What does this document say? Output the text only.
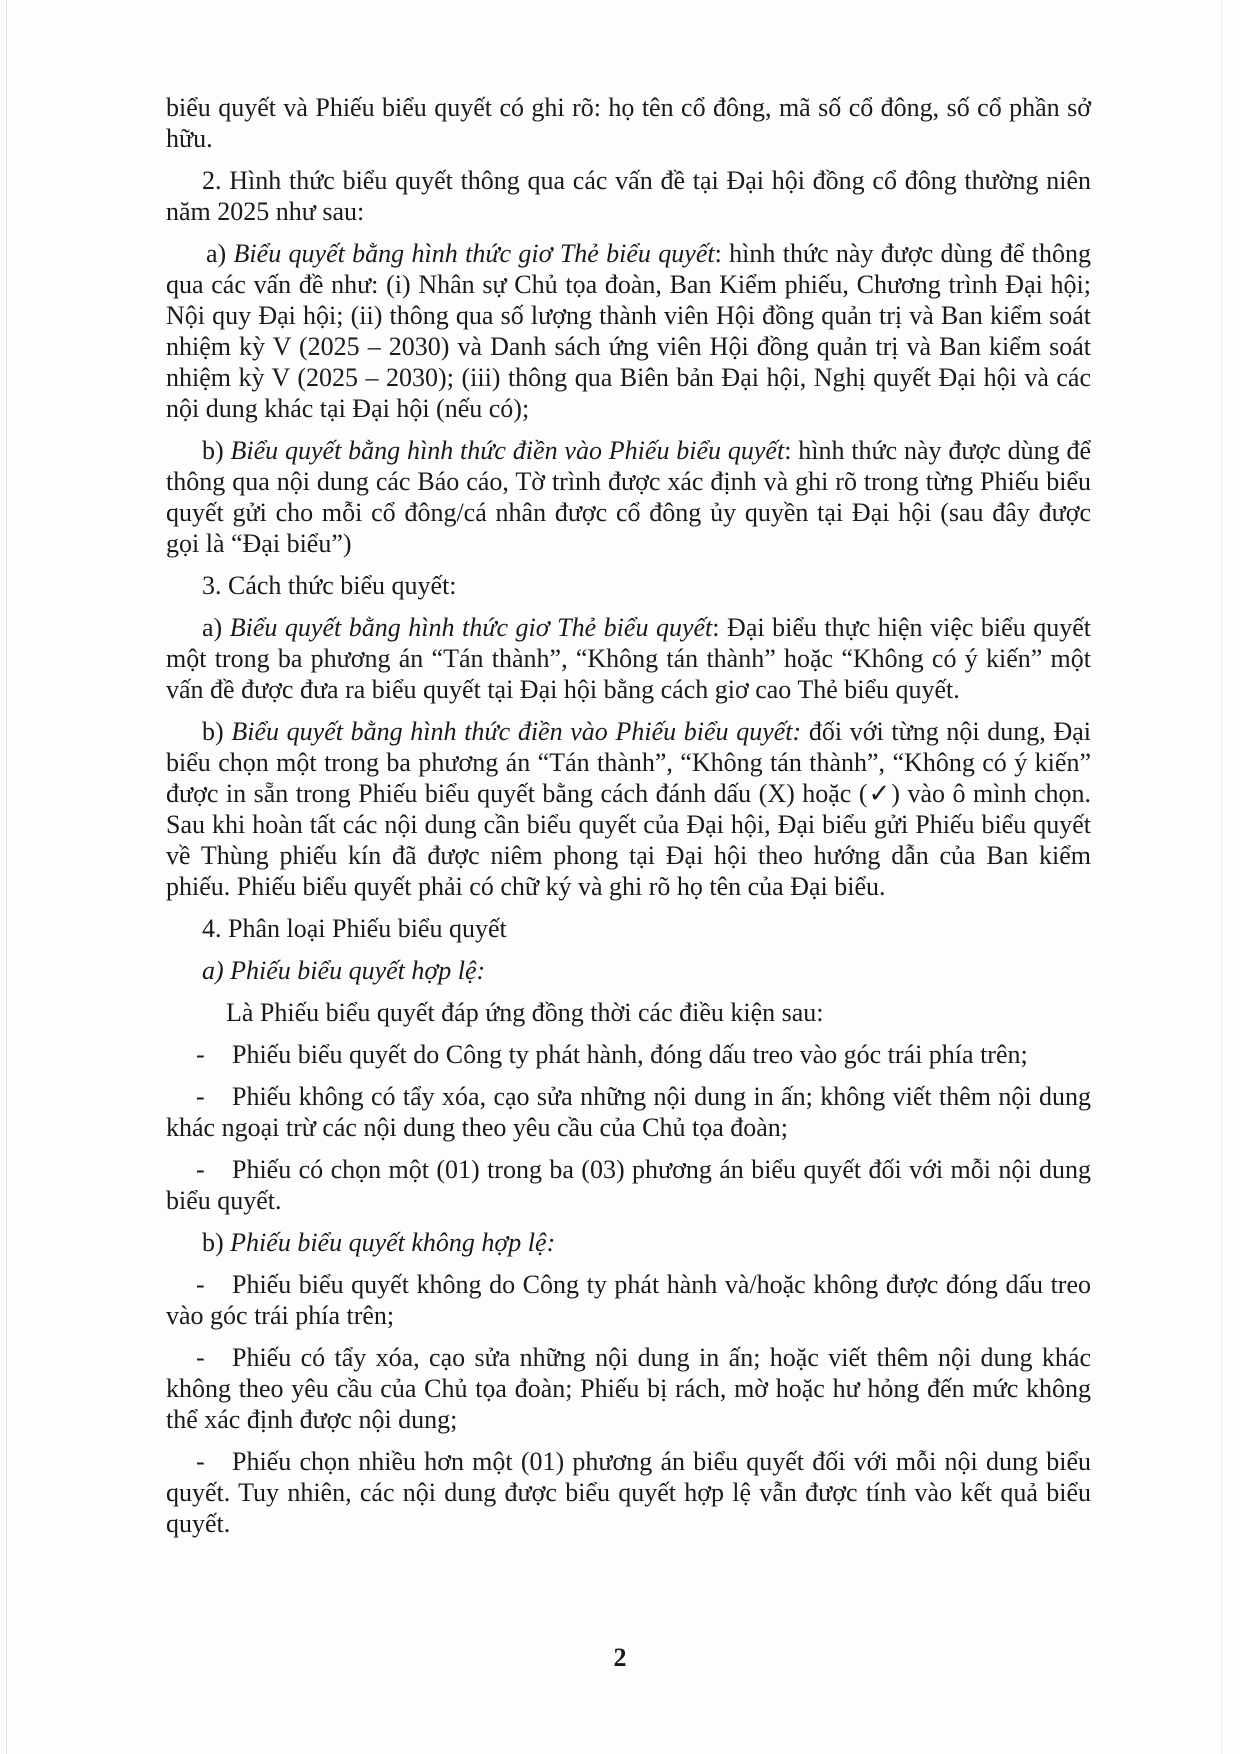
biểu quyết và Phiếu biểu quyết có ghi rõ: họ tên cổ đông, mã số cổ đông, số cổ phần sở hữu.

2. Hình thức biểu quyết thông qua các vấn đề tại Đại hội đồng cổ đông thường niên năm 2025 như sau:

a) Biểu quyết bằng hình thức giơ Thẻ biểu quyết: hình thức này được dùng để thông qua các vấn đề như: (i) Nhân sự Chủ tọa đoàn, Ban Kiểm phiếu, Chương trình Đại hội; Nội quy Đại hội; (ii) thông qua số lượng thành viên Hội đồng quản trị và Ban kiểm soát nhiệm kỳ V (2025 – 2030) và Danh sách ứng viên Hội đồng quản trị và Ban kiểm soát nhiệm kỳ V (2025 – 2030); (iii) thông qua Biên bản Đại hội, Nghị quyết Đại hội và các nội dung khác tại Đại hội (nếu có);

b) Biểu quyết bằng hình thức điền vào Phiếu biểu quyết: hình thức này được dùng để thông qua nội dung các Báo cáo, Tờ trình được xác định và ghi rõ trong từng Phiếu biểu quyết gửi cho mỗi cổ đông/cá nhân được cổ đông ủy quyền tại Đại hội (sau đây được gọi là “Đại biểu”)

3. Cách thức biểu quyết:

a) Biểu quyết bằng hình thức giơ Thẻ biểu quyết: Đại biểu thực hiện việc biểu quyết một trong ba phương án “Tán thành”, “Không tán thành” hoặc “Không có ý kiến” một vấn đề được đưa ra biểu quyết tại Đại hội bằng cách giơ cao Thẻ biểu quyết.

b) Biểu quyết bằng hình thức điền vào Phiếu biểu quyết: đối với từng nội dung, Đại biểu chọn một trong ba phương án “Tán thành”, “Không tán thành”, “Không có ý kiến” được in sẵn trong Phiếu biểu quyết bằng cách đánh dấu (X) hoặc (✓) vào ô mình chọn. Sau khi hoàn tất các nội dung cần biểu quyết của Đại hội, Đại biểu gửi Phiếu biểu quyết về Thùng phiếu kín đã được niêm phong tại Đại hội theo hướng dẫn của Ban kiểm phiếu. Phiếu biểu quyết phải có chữ ký và ghi rõ họ tên của Đại biểu.

4. Phân loại Phiếu biểu quyết

a) Phiếu biểu quyết hợp lệ:

Là Phiếu biểu quyết đáp ứng đồng thời các điều kiện sau:

- Phiếu biểu quyết do Công ty phát hành, đóng dấu treo vào góc trái phía trên;

- Phiếu không có tẩy xóa, cạo sửa những nội dung in ấn; không viết thêm nội dung khác ngoại trừ các nội dung theo yêu cầu của Chủ tọa đoàn;

- Phiếu có chọn một (01) trong ba (03) phương án biểu quyết đối với mỗi nội dung biểu quyết.

b) Phiếu biểu quyết không hợp lệ:

- Phiếu biểu quyết không do Công ty phát hành và/hoặc không được đóng dấu treo vào góc trái phía trên;

- Phiếu có tẩy xóa, cạo sửa những nội dung in ấn; hoặc viết thêm nội dung khác không theo yêu cầu của Chủ tọa đoàn; Phiếu bị rách, mờ hoặc hư hỏng đến mức không thể xác định được nội dung;

- Phiếu chọn nhiều hơn một (01) phương án biểu quyết đối với mỗi nội dung biểu quyết. Tuy nhiên, các nội dung được biểu quyết hợp lệ vẫn được tính vào kết quả biểu quyết.

2
